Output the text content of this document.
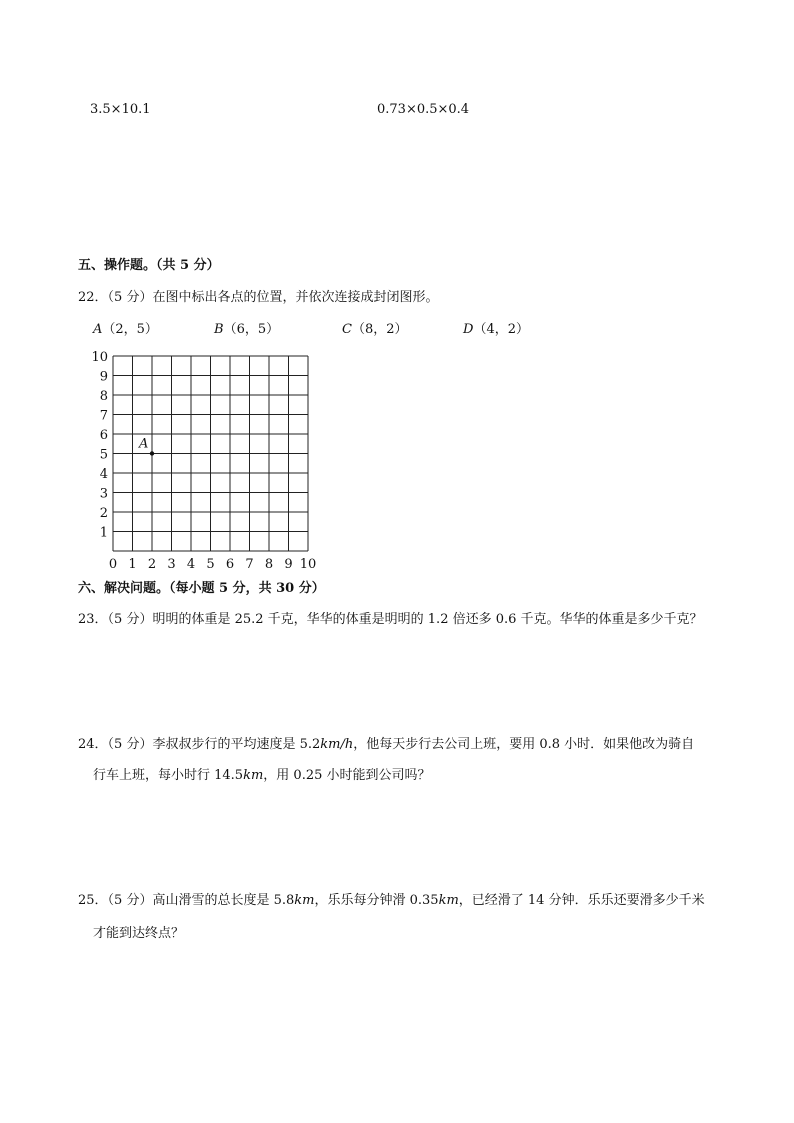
3.5×10.1	0.73×0.5×0.4
五、操作题。（共 5 分）
22．（5 分）在图中标出各点的位置，并依次连接成封闭图形。
A（2，5）	B（6，5）	C（8，2）	D（4，2）
0 1 2 3 4 5 6 7 8 9 10
1
2
3
4
5
6
7
8
9
10
A
六、解决问题。（每小题 5 分，共 30 分）
23．（5 分）明明的体重是 25.2 千克，华华的体重是明明的 1.2 倍还多 0.6 千克。华华的体重是多少千克？
24．（5 分）李叔叔步行的平均速度是 5.2km/h，他每天步行去公司上班，要用 0.8 小时．如果他改为骑自
行车上班，每小时行 14.5km，用 0.25 小时能到公司吗？
25．（5 分）高山滑雪的总长度是 5.8km，乐乐每分钟滑 0.35km，已经滑了 14 分钟．乐乐还要滑多少千米
才能到达终点？
